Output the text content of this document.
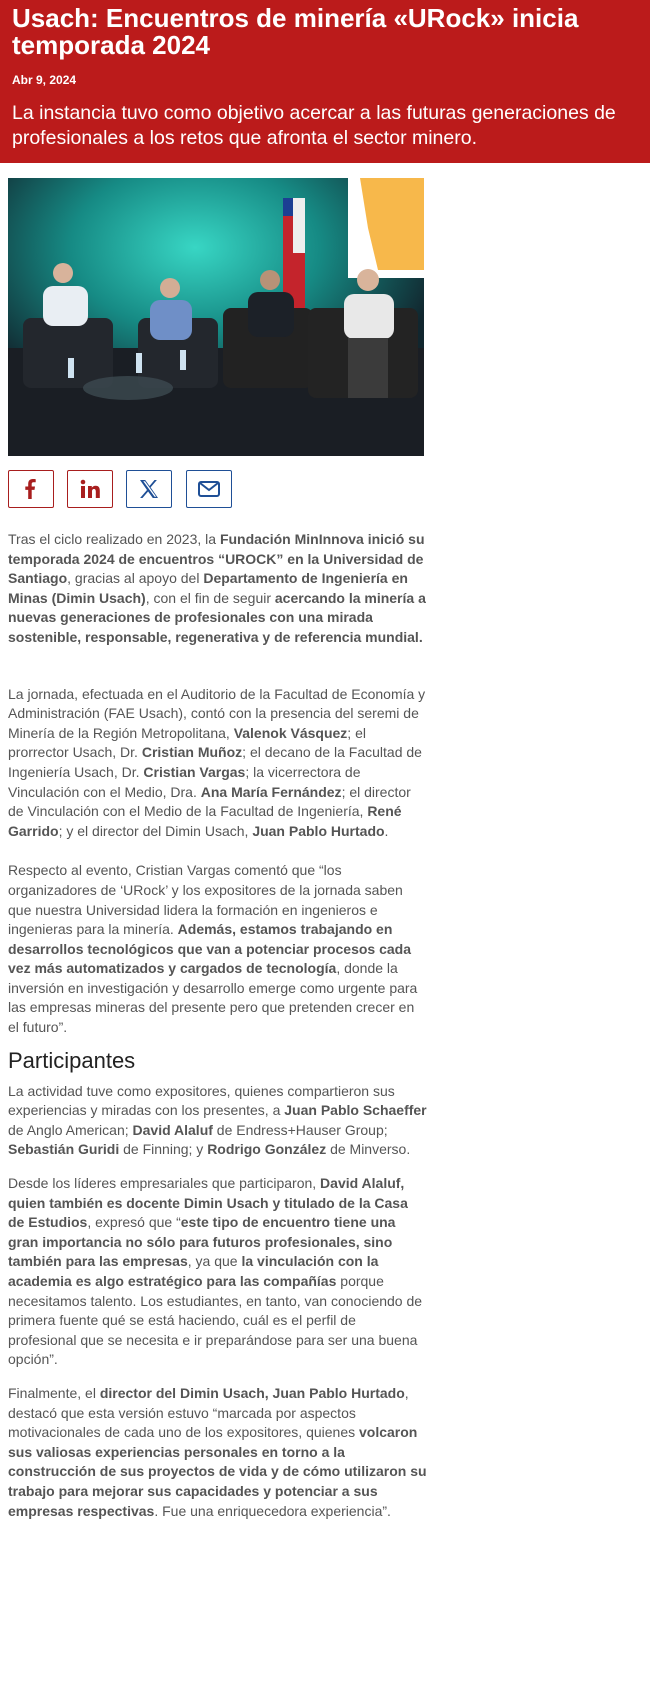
Usach: Encuentros de minería «URock» inicia temporada 2024
Abr 9, 2024
La instancia tuvo como objetivo acercar a las futuras generaciones de profesionales a los retos que afronta el sector minero.

Tras el ciclo realizado en 2023, la Fundación MinInnova inició su temporada 2024 de encuentros “UROCK” en la Universidad de Santiago, gracias al apoyo del Departamento de Ingeniería en Minas (Dimin Usach), con el fin de seguir acercando la minería a nuevas generaciones de profesionales con una mirada sostenible, responsable, regenerativa y de referencia mundial.

La jornada, efectuada en el Auditorio de la Facultad de Economía y Administración (FAE Usach), contó con la presencia del seremi de Minería de la Región Metropolitana, Valenok Vásquez; el prorrector Usach, Dr. Cristian Muñoz; el decano de la Facultad de Ingeniería Usach, Dr. Cristian Vargas; la vicerrectora de Vinculación con el Medio, Dra. Ana María Fernández; el director de Vinculación con el Medio de la Facultad de Ingeniería, René Garrido; y el director del Dimin Usach, Juan Pablo Hurtado.

Respecto al evento, Cristian Vargas comentó que “los organizadores de ‘URock’ y los expositores de la jornada saben que nuestra Universidad lidera la formación en ingenieros e ingenieras para la minería. Además, estamos trabajando en desarrollos tecnológicos que van a potenciar procesos cada vez más automatizados y cargados de tecnología, donde la inversión en investigación y desarrollo emerge como urgente para las empresas mineras del presente pero que pretenden crecer en el futuro”.

Participantes

La actividad tuve como expositores, quienes compartieron sus experiencias y miradas con los presentes, a Juan Pablo Schaeffer de Anglo American; David Alaluf de Endress+Hauser Group; Sebastián Guridi de Finning; y Rodrigo González de Minverso.

Desde los líderes empresariales que participaron, David Alaluf, quien también es docente Dimin Usach y titulado de la Casa de Estudios, expresó que “este tipo de encuentro tiene una gran importancia no sólo para futuros profesionales, sino también para las empresas, ya que la vinculación con la academia es algo estratégico para las compañías porque necesitamos talento. Los estudiantes, en tanto, van conociendo de primera fuente qué se está haciendo, cuál es el perfil de profesional que se necesita e ir preparándose para ser una buena opción”.

Finalmente, el director del Dimin Usach, Juan Pablo Hurtado, destacó que esta versión estuvo “marcada por aspectos motivacionales de cada uno de los expositores, quienes volcaron sus valiosas experiencias personales en torno a la construcción de sus proyectos de vida y de cómo utilizaron su trabajo para mejorar sus capacidades y potenciar a sus empresas respectivas. Fue una enriquecedora experiencia”.
